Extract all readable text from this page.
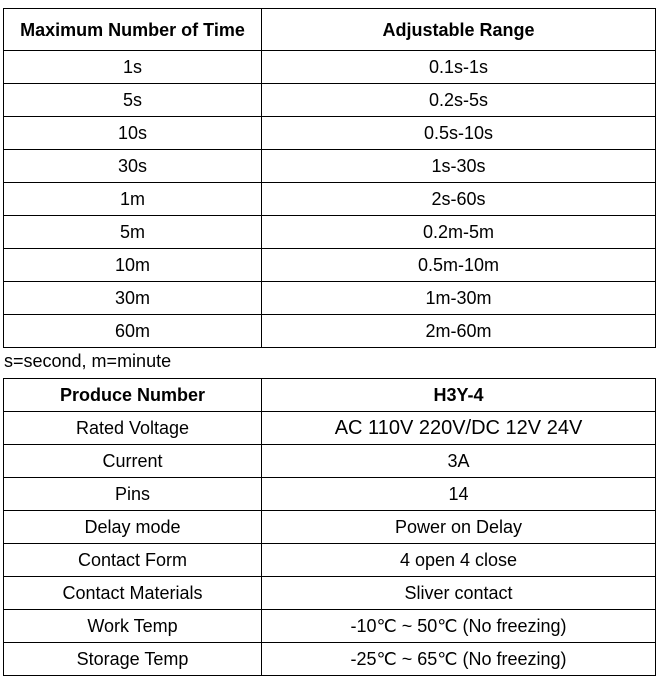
Maximum Number of Time	Adjustable Range
1s	0.1s-1s
5s	0.2s-5s
10s	0.5s-10s
30s	1s-30s
1m	2s-60s
5m	0.2m-5m
10m	0.5m-10m
30m	1m-30m
60m	2m-60m
s=second, m=minute
Produce Number	H3Y-4
Rated Voltage	AC 110V 220V/DC 12V 24V
Current	3A
Pins	14
Delay mode	Power on Delay
Contact Form	4 open 4 close
Contact Materials	Sliver contact
Work Temp	-10℃ ~ 50℃ (No freezing)
Storage Temp	-25℃ ~ 65℃ (No freezing)
